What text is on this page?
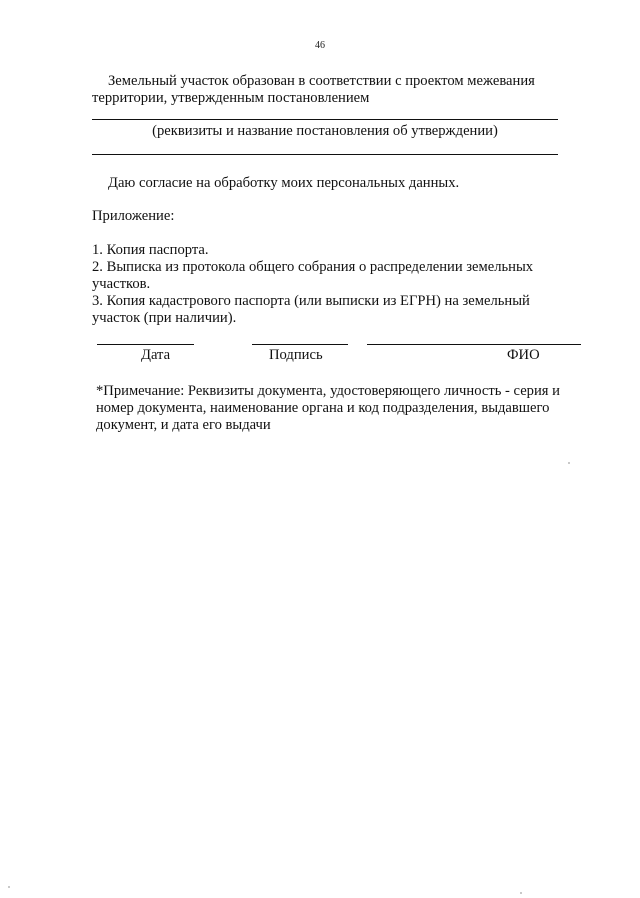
46
Земельный участок образован в соответствии с проектом межевания
территории, утвержденным постановлением
(реквизиты и название постановления об утверждении)
Даю согласие на обработку моих персональных данных.
Приложение:
1. Копия паспорта.
2. Выписка из протокола общего собрания о распределении земельных
участков.
3. Копия кадастрового паспорта (или выписки из ЕГРН) на земельный
участок (при наличии).
Дата	Подпись	ФИО
*Примечание: Реквизиты документа, удостоверяющего личность - серия и
номер документа, наименование органа и код подразделения, выдавшего
документ, и дата его выдачи
